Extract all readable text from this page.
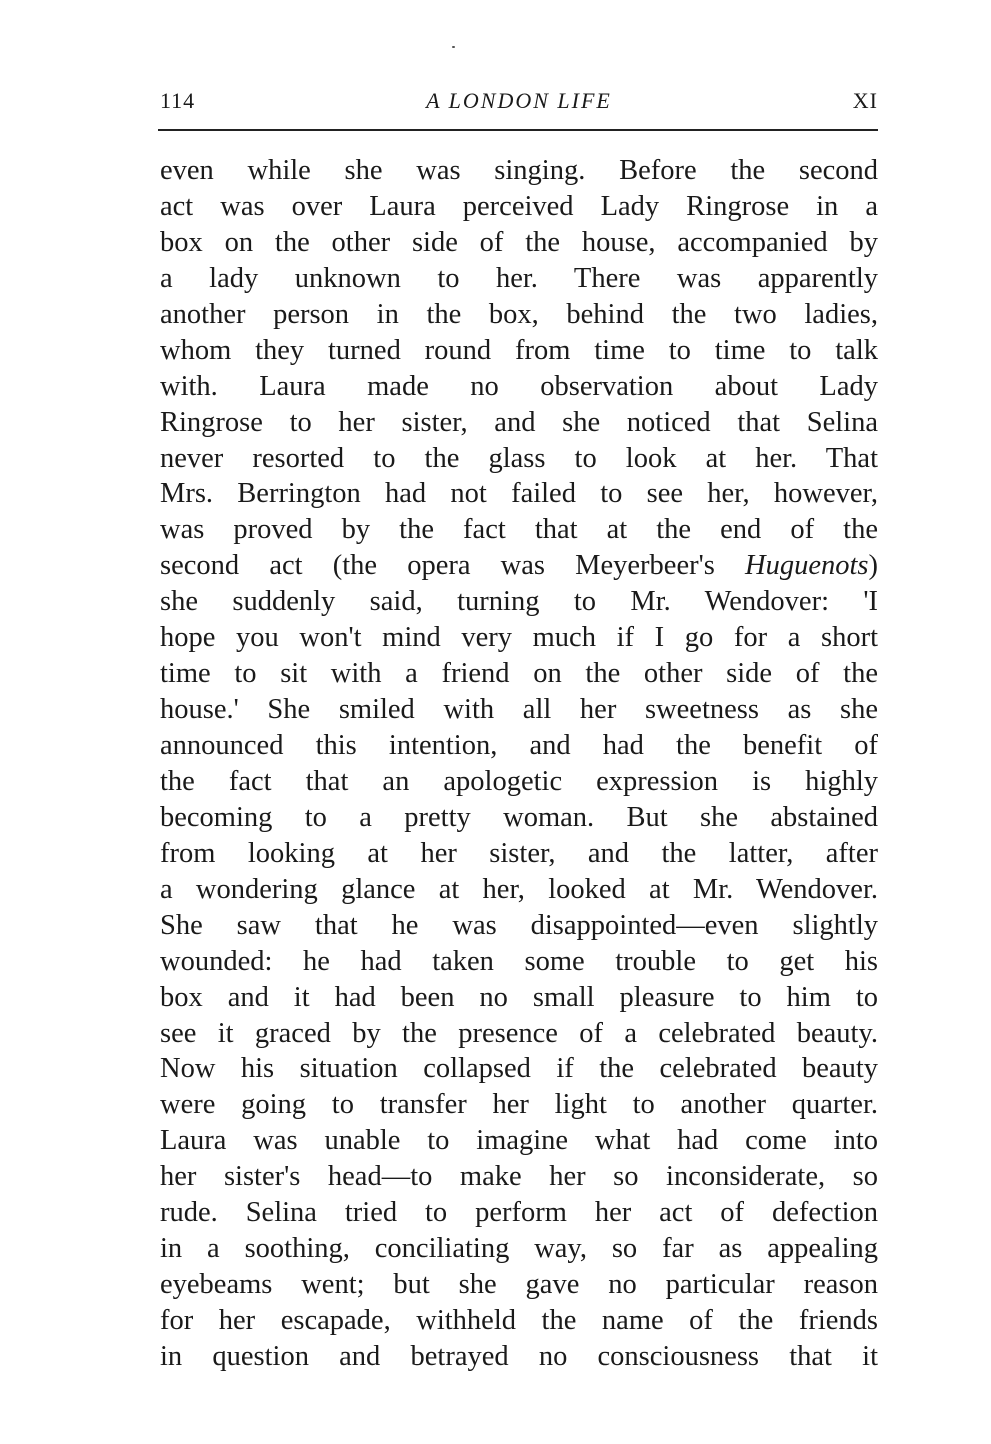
114	A LONDON LIFE	XI
even while she was singing. Before the second
act was over Laura perceived Lady Ringrose in a
box on the other side of the house, accompanied by
a lady unknown to her. There was apparently
another person in the box, behind the two ladies,
whom they turned round from time to time to talk
with. Laura made no observation about Lady
Ringrose to her sister, and she noticed that Selina
never resorted to the glass to look at her. That
Mrs. Berrington had not failed to see her, however,
was proved by the fact that at the end of the
second act (the opera was Meyerbeer's Huguenots)
she suddenly said, turning to Mr. Wendover: 'I
hope you won't mind very much if I go for a short
time to sit with a friend on the other side of the
house.' She smiled with all her sweetness as she
announced this intention, and had the benefit of
the fact that an apologetic expression is highly
becoming to a pretty woman. But she abstained
from looking at her sister, and the latter, after
a wondering glance at her, looked at Mr. Wendover.
She saw that he was disappointed—even slightly
wounded: he had taken some trouble to get his
box and it had been no small pleasure to him to
see it graced by the presence of a celebrated beauty.
Now his situation collapsed if the celebrated beauty
were going to transfer her light to another quarter.
Laura was unable to imagine what had come into
her sister's head—to make her so inconsiderate, so
rude. Selina tried to perform her act of defection
in a soothing, conciliating way, so far as appealing
eyebeams went; but she gave no particular reason
for her escapade, withheld the name of the friends
in question and betrayed no consciousness that it
